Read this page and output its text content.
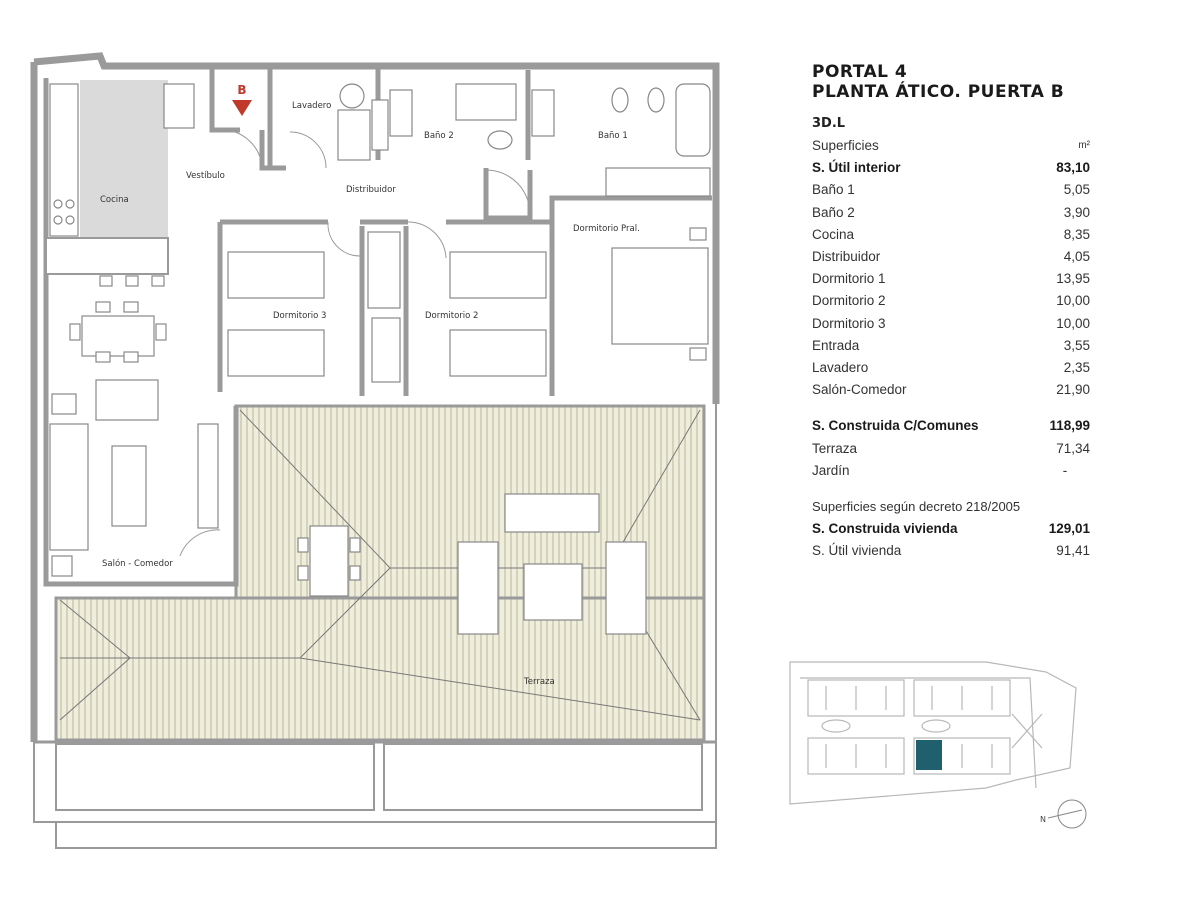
B
Lavadero
Baño 2	Baño 1
Cocina
Vestíbulo
Distribuidor
Dormitorio Pral.
Dormitorio 3	Dormitorio 2
Salón - Comedor
Terraza
PORTAL 4
PLANTA ÁTICO. PUERTA B
3D.L
Superficies	m²
S. Útil interior	83,10
Baño 1	5,05
Baño 2	3,90
Cocina	8,35
Distribuidor	4,05
Dormitorio 1	13,95
Dormitorio 2	10,00
Dormitorio 3	10,00
Entrada	3,55
Lavadero	2,35
Salón-Comedor	21,90
S. Construida C/Comunes	118,99
Terraza	71,34
Jardín	-
Superficies según decreto 218/2005
S. Construida vivienda	129,01
S. Útil vivienda	91,41
N
